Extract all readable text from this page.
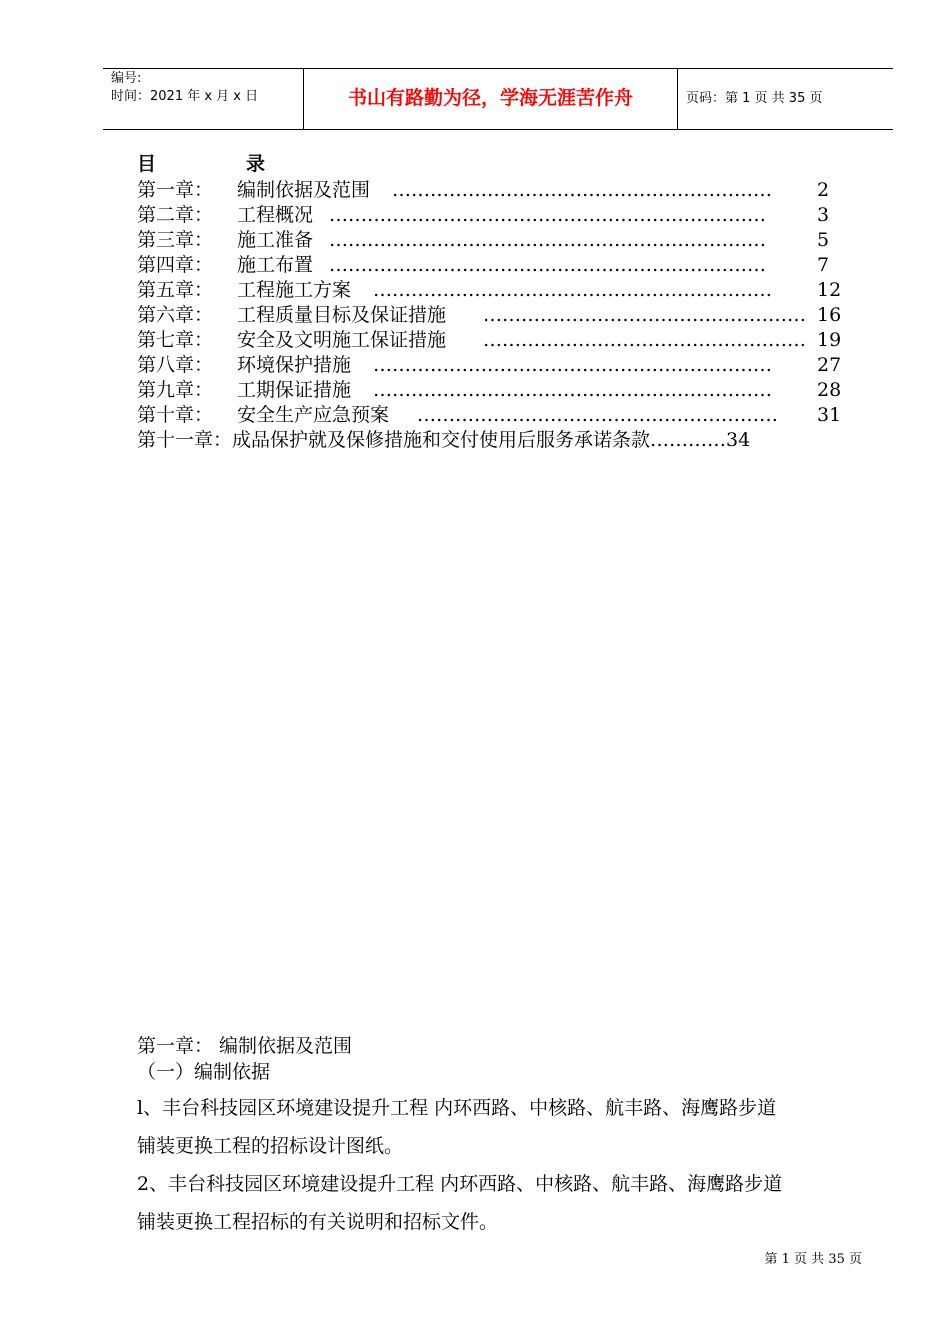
编号:
时间：2021 年 x 月 x 日	书山有路勤为径，学海无涯苦作舟	页码：第 1 页 共 35 页
目	录
第一章： 编制依据及范围 ……………………………………………………	2
第二章： 工程概况 ……………………………………………………………	3
第三章： 施工准备 ……………………………………………………………	5
第四章： 施工布置 ……………………………………………………………	7
第五章： 工程施工方案 ………………………………………………………	12
第六章： 工程质量目标及保证措施 …………………………………………… 16
第七章： 安全及文明施工保证措施 …………………………………………… 19
第八章： 环境保护措施 ………………………………………………………	27
第九章： 工期保证措施 ………………………………………………………	28
第十章： 安全生产应急预案 …………………………………………………	31
第十一章：成品保护就及保修措施和交付使用后服务承诺条款…………34
第一章： 编制依据及范围
（一）编制依据
l、丰台科技园区环境建设提升工程 内环西路、中核路、航丰路、海鹰路步道
铺装更换工程的招标设计图纸。
2、丰台科技园区环境建设提升工程 内环西路、中核路、航丰路、海鹰路步道
铺装更换工程招标的有关说明和招标文件。
第 1 页 共 35 页
